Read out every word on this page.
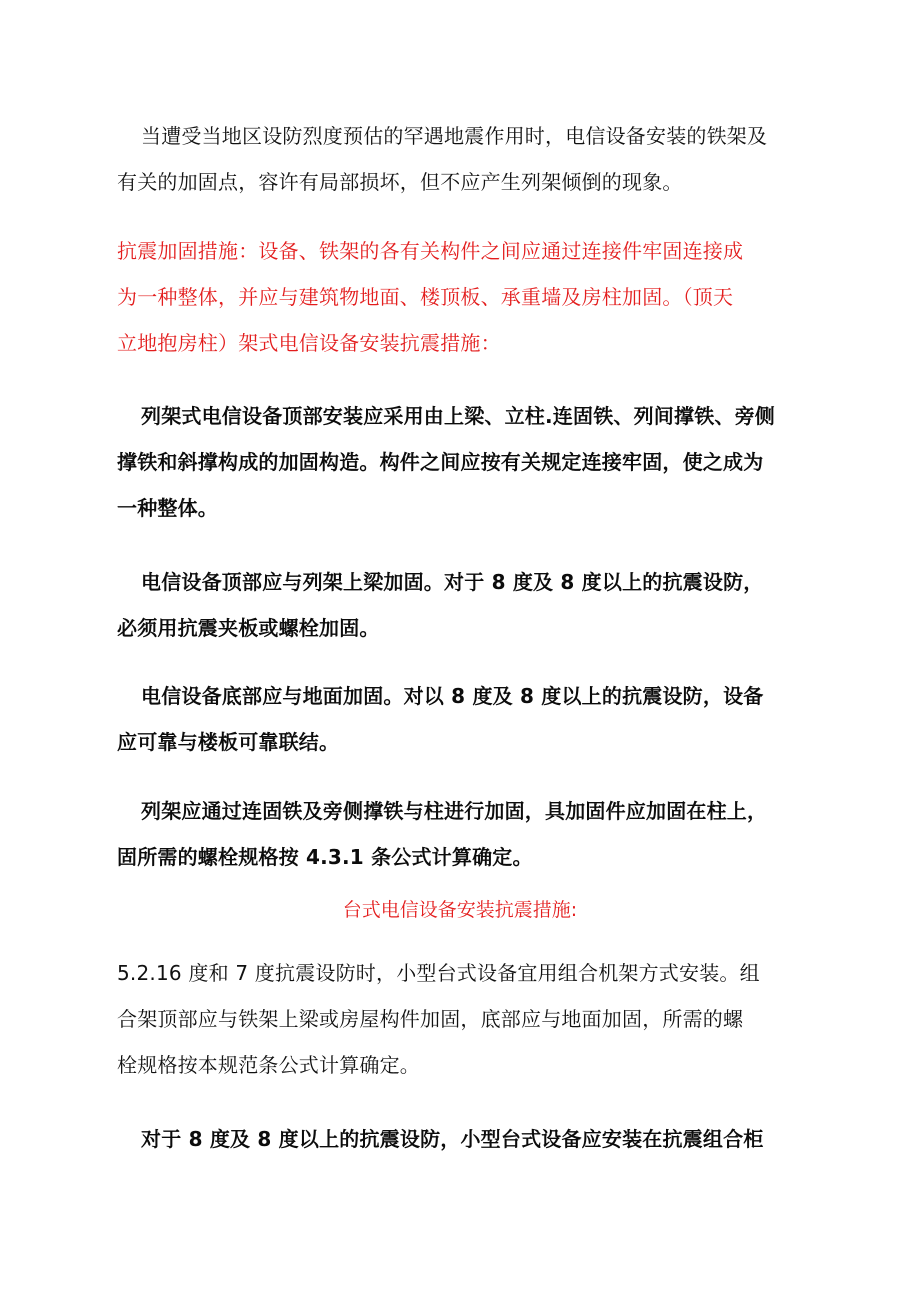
当遭受当地区设防烈度预估的罕遇地震作用时，电信设备安装的铁架及
有关的加固点，容许有局部损坏，但不应产生列架倾倒的现象。

抗震加固措施：设备、铁架的各有关构件之间应通过连接件牢固连接成
为一种整体，并应与建筑物地面、楼顶板、承重墙及房柱加固。（顶天
立地抱房柱）架式电信设备安装抗震措施：

列架式电信设备顶部安装应采用由上梁、立柱.连固铁、列间撑铁、旁侧
撑铁和斜撑构成的加固构造。构件之间应按有关规定连接牢固，使之成为
一种整体。

电信设备顶部应与列架上梁加固。对于 8 度及 8 度以上的抗震设防，
必须用抗震夹板或螺栓加固。

电信设备底部应与地面加固。对以 8 度及 8 度以上的抗震设防，设备
应可靠与楼板可靠联结。

列架应通过连固铁及旁侧撑铁与柱进行加固，具加固件应加固在柱上，
固所需的螺栓规格按 4.3.1 条公式计算确定。

台式电信设备安装抗震措施:

5.2.16 度和 7 度抗震设防时，小型台式设备宜用组合机架方式安装。组
合架顶部应与铁架上梁或房屋构件加固，底部应与地面加固，所需的螺
栓规格按本规范条公式计算确定。

对于 8 度及 8 度以上的抗震设防，小型台式设备应安装在抗震组合柜
